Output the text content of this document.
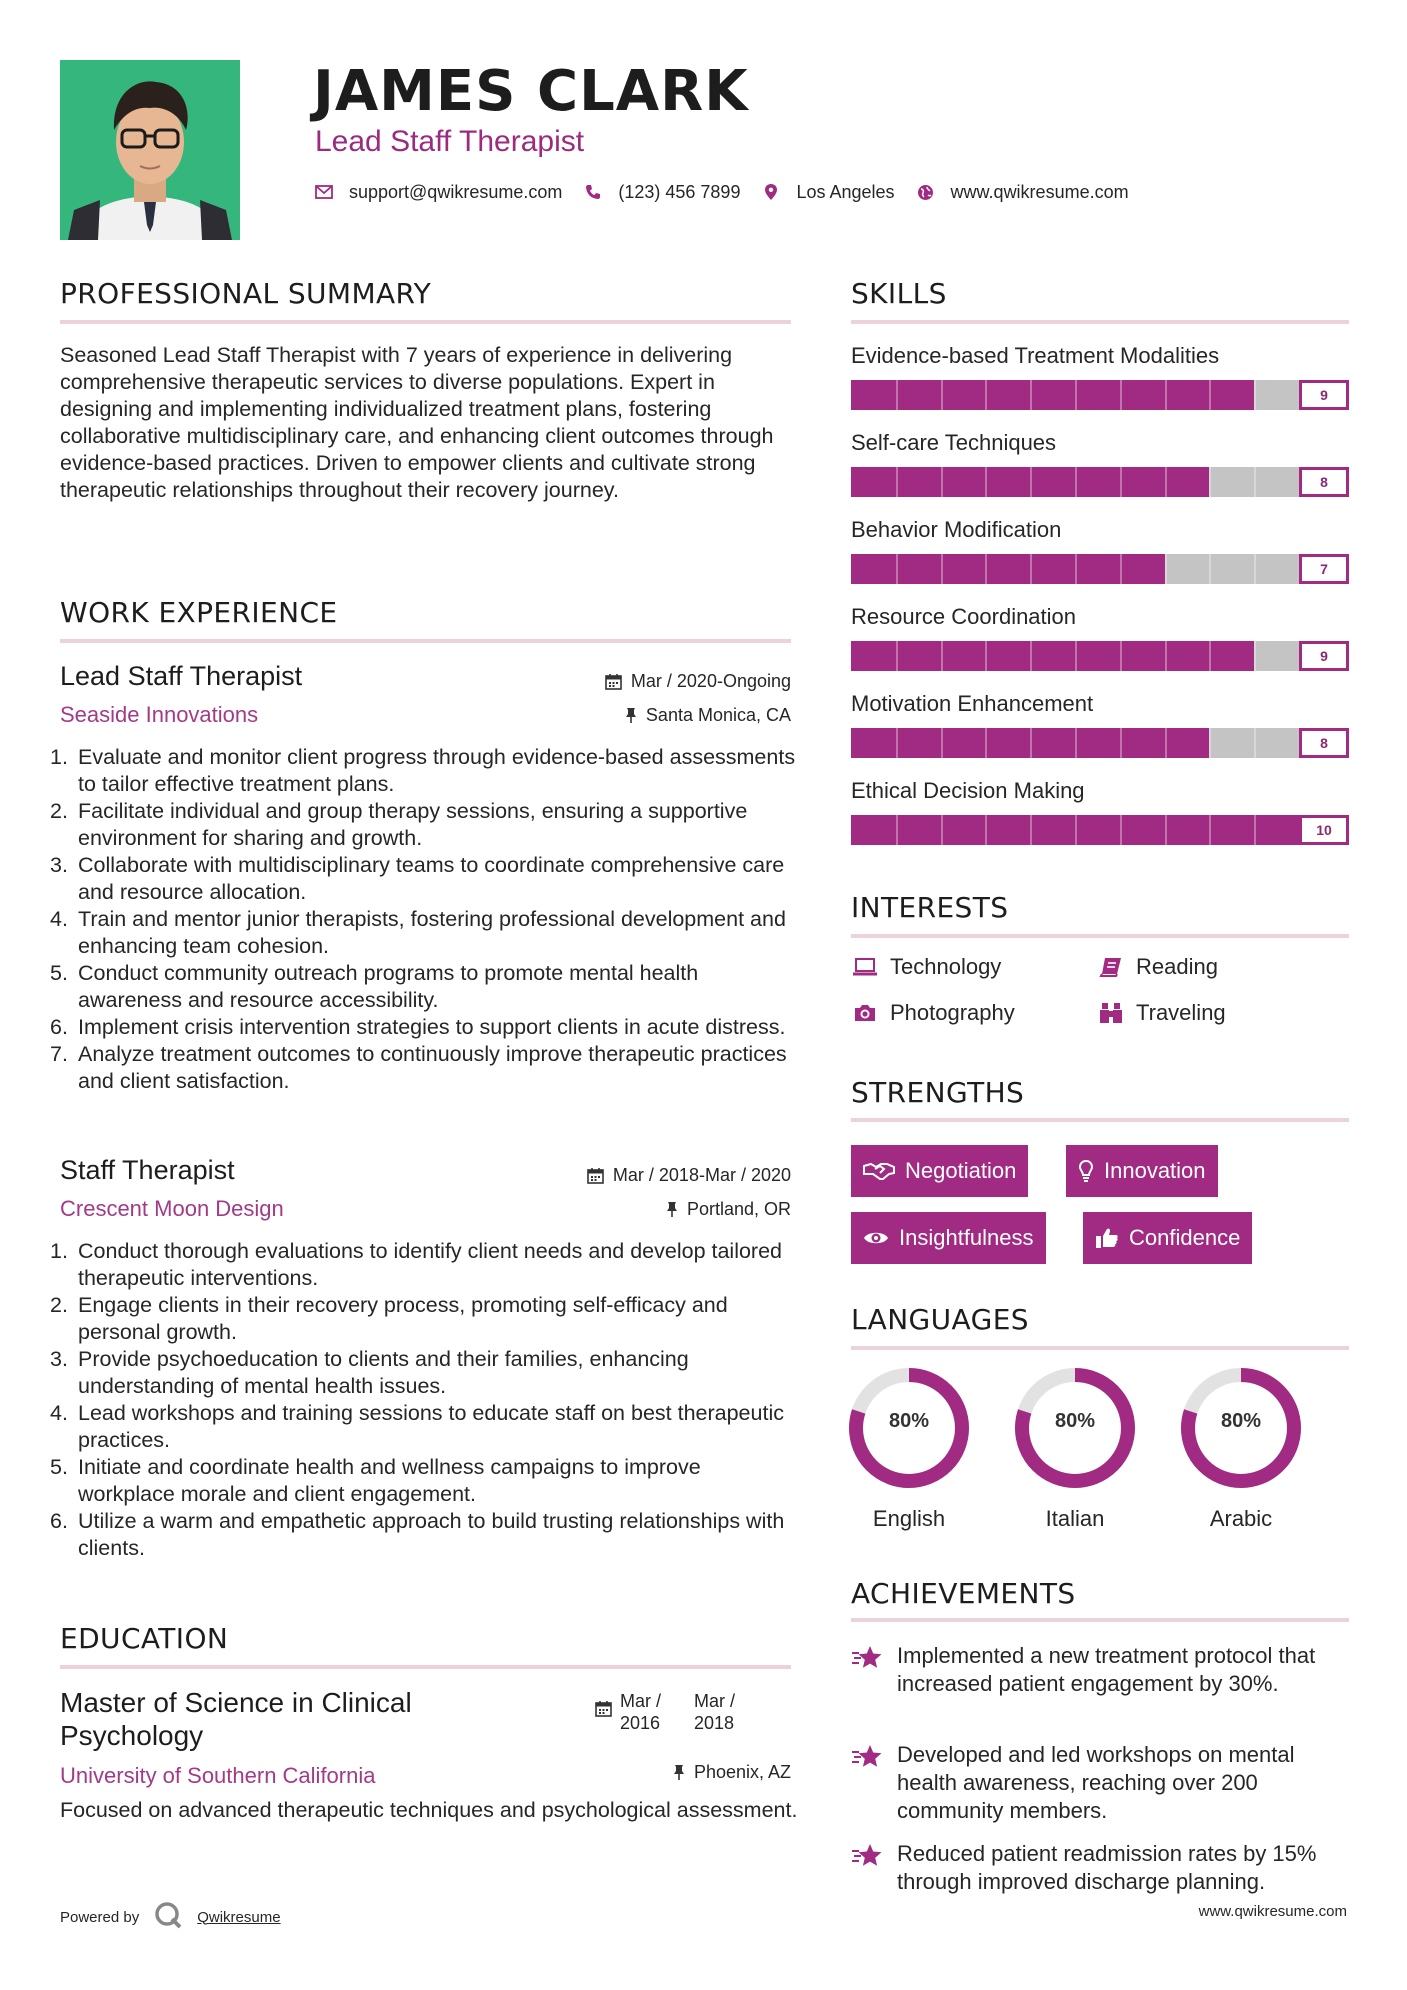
JAMES CLARK
Lead Staff Therapist
support@qwikresume.com	(123) 456 7899	Los Angeles	www.qwikresume.com
PROFESSIONAL SUMMARY

Seasoned Lead Staff Therapist with 7 years of experience in delivering comprehensive therapeutic services to diverse populations. Expert in designing and implementing individualized treatment plans, fostering collaborative multidisciplinary care, and enhancing client outcomes through evidence-based practices. Driven to empower clients and cultivate strong therapeutic relationships throughout their recovery journey.

WORK EXPERIENCE
Lead Staff Therapist
Seaside Innovations
Mar / 2020-Ongoing
Santa Monica, CA
1. Evaluate and monitor client progress through evidence-based assessments to tailor effective treatment plans.
2. Facilitate individual and group therapy sessions, ensuring a supportive environment for sharing and growth.
3. Collaborate with multidisciplinary teams to coordinate comprehensive care and resource allocation.
4. Train and mentor junior therapists, fostering professional development and enhancing team cohesion.
5. Conduct community outreach programs to promote mental health awareness and resource accessibility.
6. Implement crisis intervention strategies to support clients in acute distress.
7. Analyze treatment outcomes to continuously improve therapeutic practices and client satisfaction.
Staff Therapist
Crescent Moon Design
Mar / 2018-Mar / 2020
Portland, OR
1. Conduct thorough evaluations to identify client needs and develop tailored therapeutic interventions.
2. Engage clients in their recovery process, promoting self-efficacy and personal growth.
3. Provide psychoeducation to clients and their families, enhancing understanding of mental health issues.
4. Lead workshops and training sessions to educate staff on best therapeutic practices.
5. Initiate and coordinate health and wellness campaigns to improve workplace morale and client engagement.
6. Utilize a warm and empathetic approach to build trusting relationships with clients.
EDUCATION
Master of Science in Clinical Psychology
Mar / 2016
Mar / 2018
University of Southern California	Phoenix, AZ

Focused on advanced therapeutic techniques and psychological assessment.

Powered by	Qwikresume
SKILLS
Evidence-based Treatment Modalities
9
Self-care Techniques
8
Behavior Modification
7
Resource Coordination
9
Motivation Enhancement
8
Ethical Decision Making
10
INTERESTS
Technology	Reading
Photography	Traveling
STRENGTHS
Negotiation	Innovation
Insightfulness	Confidence
LANGUAGES
80%
English
80%
Italian
80%
Arabic
ACHIEVEMENTS
Implemented a new treatment protocol that increased patient engagement by 30%.
Developed and led workshops on mental health awareness, reaching over 200 community members.
Reduced patient readmission rates by 15% through improved discharge planning.
www.qwikresume.com
